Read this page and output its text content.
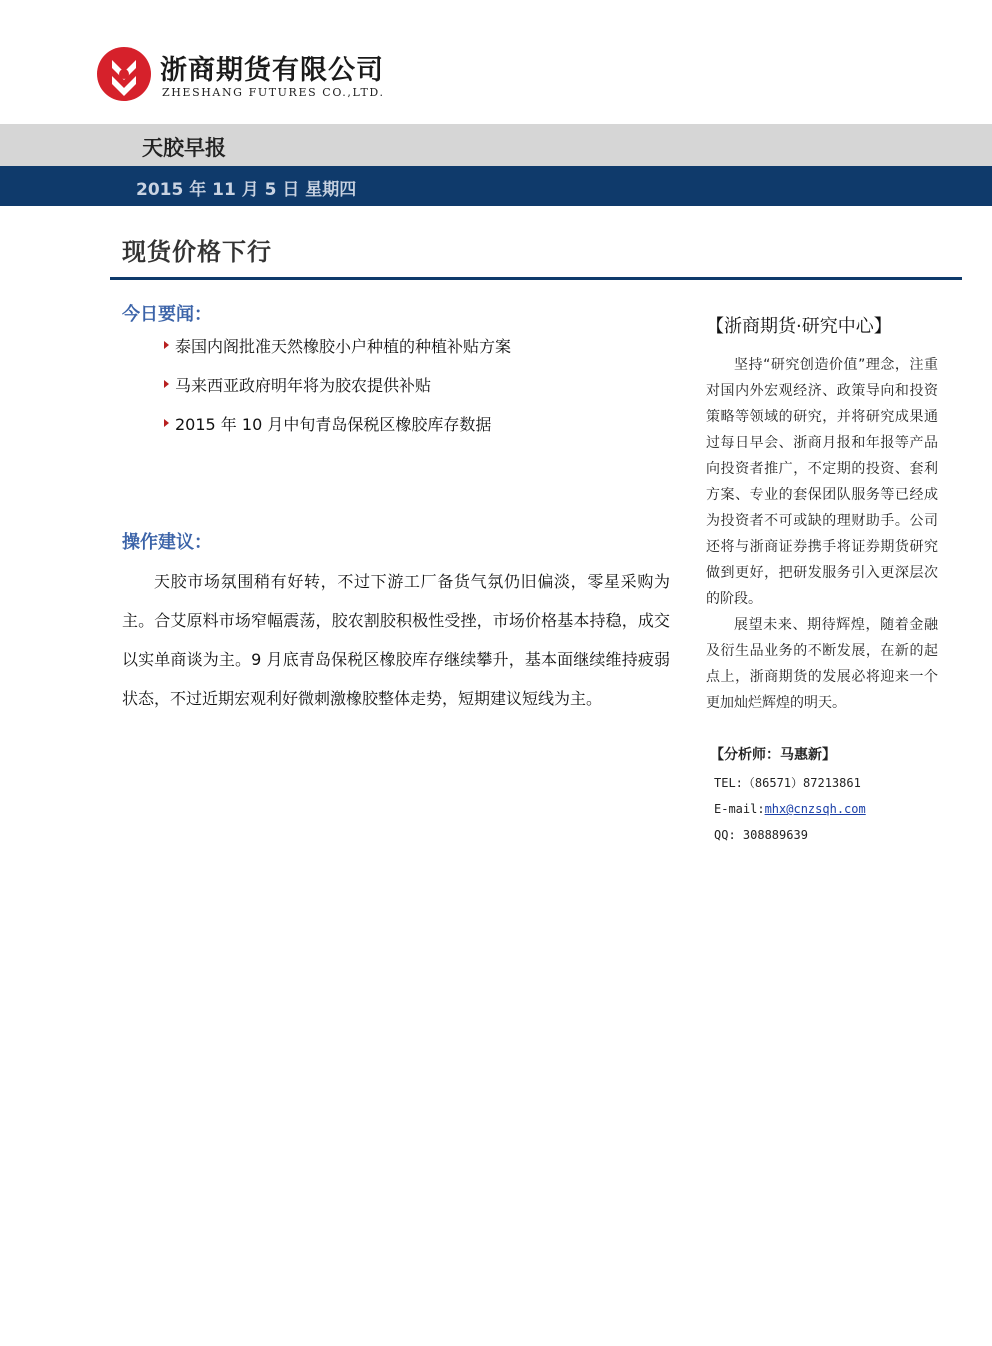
浙商期货有限公司
ZHESHANG FUTURES CO.,LTD.
天胶早报
2015 年 11 月 5 日 星期四
现货价格下行
今日要闻：
泰国内阁批准天然橡胶小户种植的种植补贴方案
马来西亚政府明年将为胶农提供补贴
2015 年 10 月中旬青岛保税区橡胶库存数据
操作建议：
天胶市场氛围稍有好转，不过下游工厂备货气氛仍旧偏淡，零星采购为主。合艾原料市场窄幅震荡，胶农割胶积极性受挫，市场价格基本持稳，成交以实单商谈为主。9 月底青岛保税区橡胶库存继续攀升，基本面继续维持疲弱状态，不过近期宏观利好微刺激橡胶整体走势，短期建议短线为主。
【浙商期货·研究中心】
坚持“研究创造价值”理念，注重对国内外宏观经济、政策导向和投资策略等领域的研究，并将研究成果通过每日早会、浙商月报和年报等产品向投资者推广，不定期的投资、套利方案、专业的套保团队服务等已经成为投资者不可或缺的理财助手。公司还将与浙商证券携手将证券期货研究做到更好，把研发服务引入更深层次的阶段。
展望未来、期待辉煌，随着金融及衍生品业务的不断发展，在新的起点上，浙商期货的发展必将迎来一个更加灿烂辉煌的明天。
【分析师：马惠新】
TEL:（86571）87213861
E-mail:mhx@cnzsqh.com
QQ: 308889639
